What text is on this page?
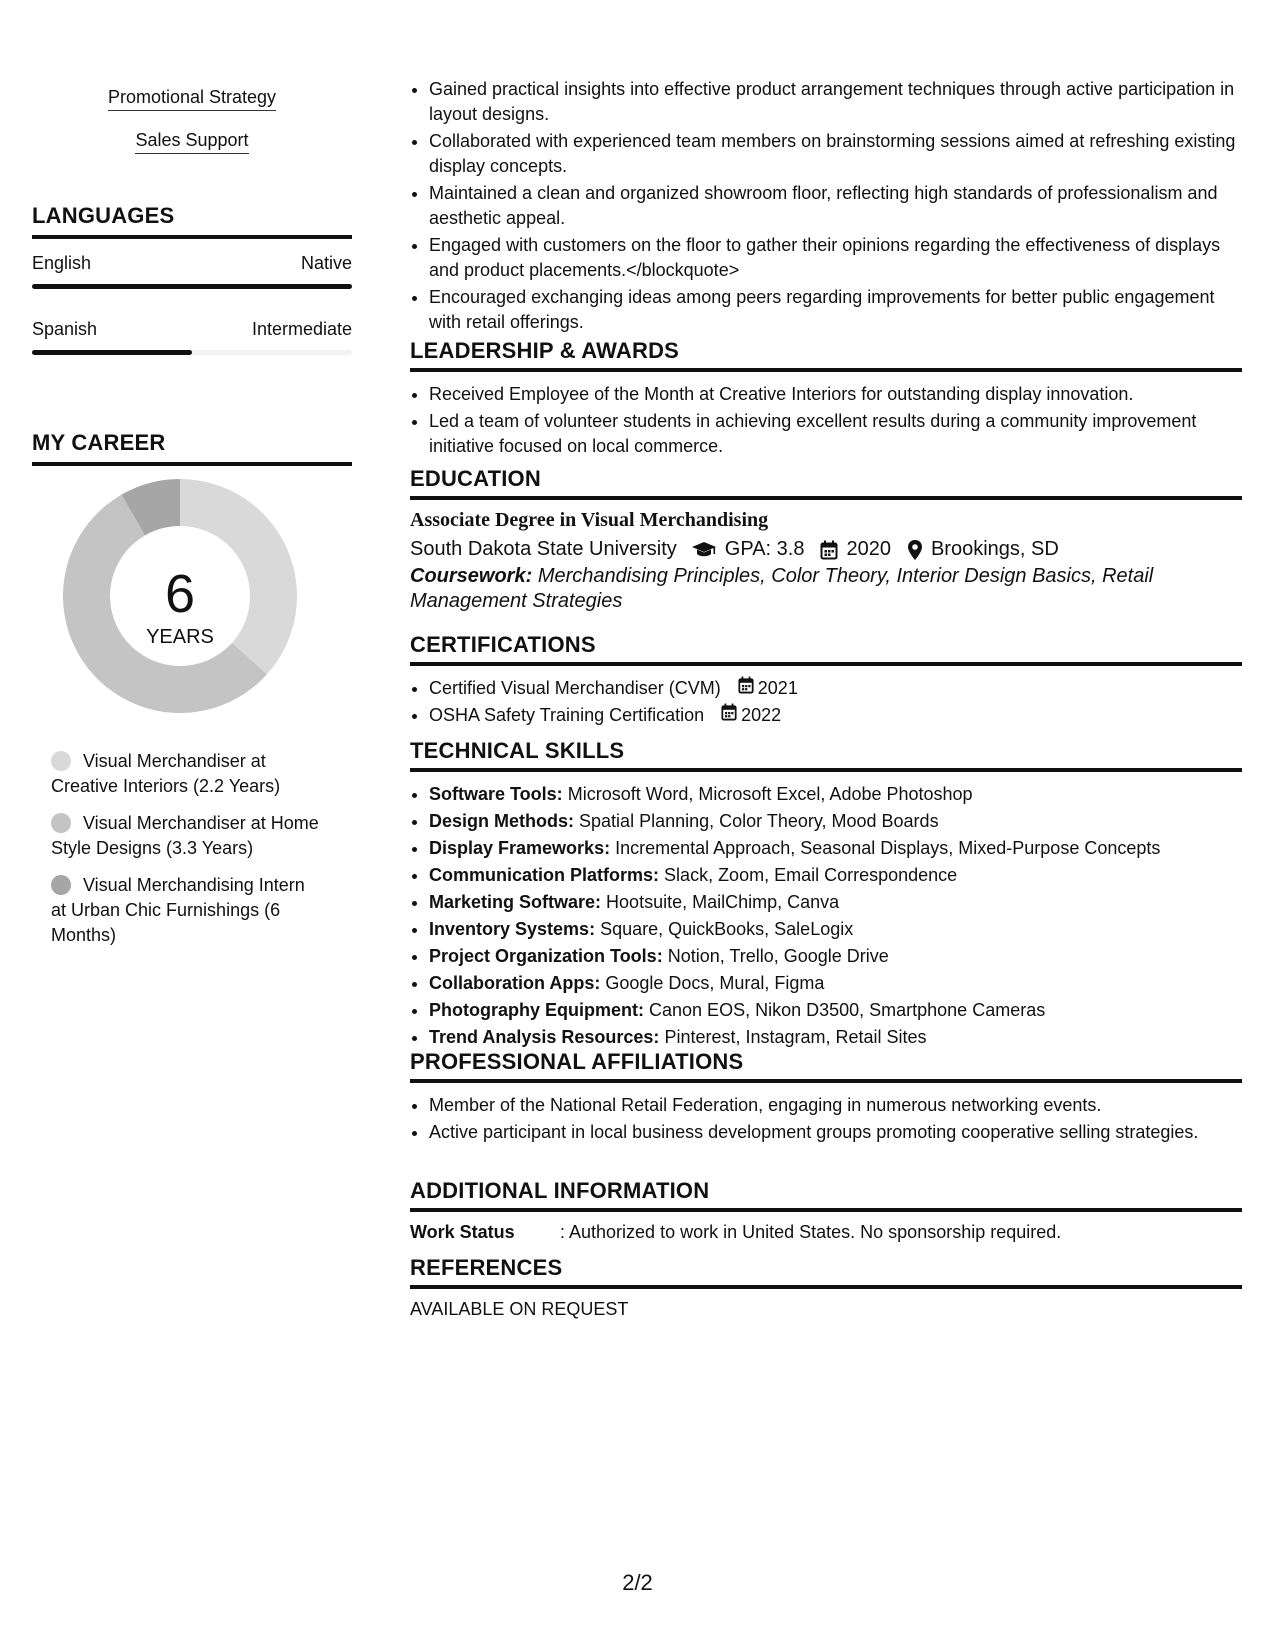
Promotional Strategy
Sales Support
LANGUAGES
English	Native
Spanish	Intermediate
MY CAREER
6
YEARS
Visual Merchandiser at Creative Interiors (2.2 Years)
Visual Merchandiser at Home Style Designs (3.3 Years)
Visual Merchandising Intern at Urban Chic Furnishings (6 Months)
• Gained practical insights into effective product arrangement techniques through active participation in layout designs.
• Collaborated with experienced team members on brainstorming sessions aimed at refreshing existing display concepts.
• Maintained a clean and organized showroom floor, reflecting high standards of professionalism and aesthetic appeal.
• Engaged with customers on the floor to gather their opinions regarding the effectiveness of displays and product placements.</blockquote>
• Encouraged exchanging ideas among peers regarding improvements for better public engagement with retail offerings.
LEADERSHIP & AWARDS
• Received Employee of the Month at Creative Interiors for outstanding display innovation.
• Led a team of volunteer students in achieving excellent results during a community improvement initiative focused on local commerce.
EDUCATION
Associate Degree in Visual Merchandising
South Dakota State University GPA: 3.8 2020 Brookings, SD
Coursework: Merchandising Principles, Color Theory, Interior Design Basics, Retail Management Strategies
CERTIFICATIONS
• Certified Visual Merchandiser (CVM) 2021
• OSHA Safety Training Certification 2022
TECHNICAL SKILLS
• Software Tools: Microsoft Word, Microsoft Excel, Adobe Photoshop
• Design Methods: Spatial Planning, Color Theory, Mood Boards
• Display Frameworks: Incremental Approach, Seasonal Displays, Mixed-Purpose Concepts
• Communication Platforms: Slack, Zoom, Email Correspondence
• Marketing Software: Hootsuite, MailChimp, Canva
• Inventory Systems: Square, QuickBooks, SaleLogix
• Project Organization Tools: Notion, Trello, Google Drive
• Collaboration Apps: Google Docs, Mural, Figma
• Photography Equipment: Canon EOS, Nikon D3500, Smartphone Cameras
• Trend Analysis Resources: Pinterest, Instagram, Retail Sites
PROFESSIONAL AFFILIATIONS
• Member of the National Retail Federation, engaging in numerous networking events.
• Active participant in local business development groups promoting cooperative selling strategies.
ADDITIONAL INFORMATION
Work Status	: Authorized to work in United States. No sponsorship required.
REFERENCES
AVAILABLE ON REQUEST
2/2
